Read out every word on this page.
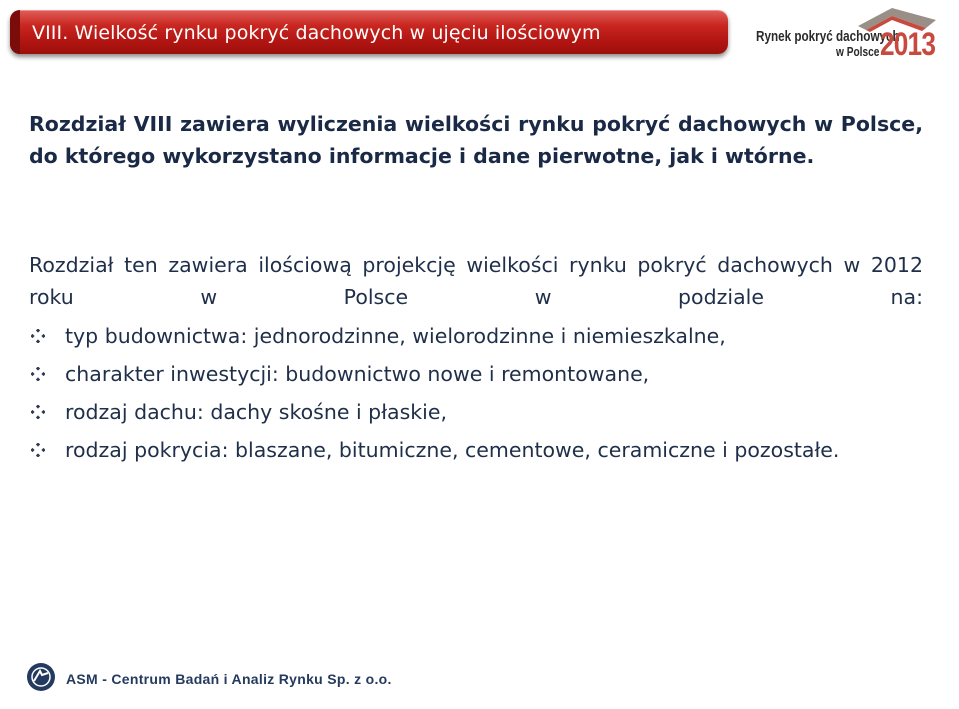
VIII. Wielkość rynku pokryć dachowych w ujęciu ilościowym	Rynek pokryć dachowych
w Polsce 2013
Rozdział VIII zawiera wyliczenia wielkości rynku pokryć dachowych w Polsce, do którego wykorzystano informacje i dane pierwotne, jak i wtórne.
Rozdział ten zawiera ilościową projekcję wielkości rynku pokryć dachowych w 2012 roku w Polsce w podziale na:
typ budownictwa: jednorodzinne, wielorodzinne i niemieszkalne,
charakter inwestycji: budownictwo nowe i remontowane,
rodzaj dachu: dachy skośne i płaskie,
rodzaj pokrycia: blaszane, bitumiczne, cementowe, ceramiczne i pozostałe.
ASM - Centrum Badań i Analiz Rynku Sp. z o.o.
